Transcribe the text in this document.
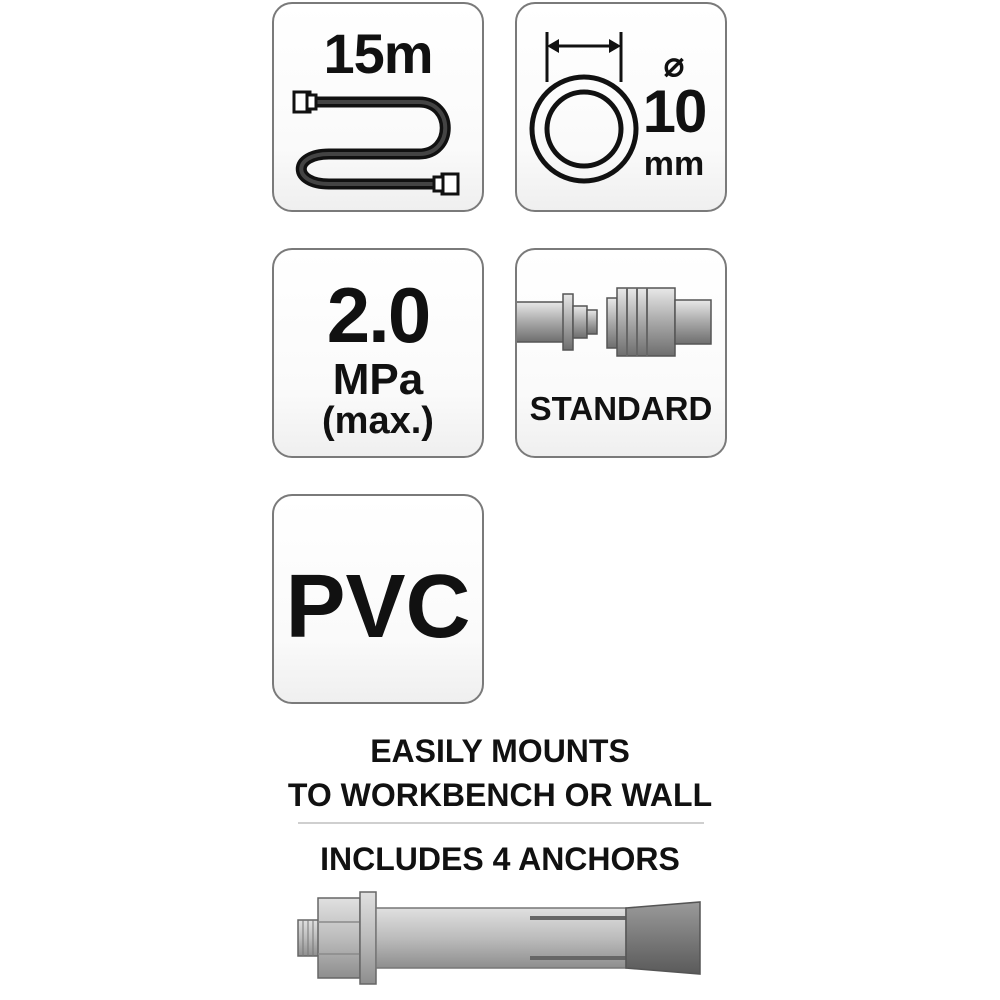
15m	⌀
10
mm
2.0
MPa
(max.)	STANDARD
PVC
EASILY MOUNTS
TO WORKBENCH OR WALL
INCLUDES 4 ANCHORS
